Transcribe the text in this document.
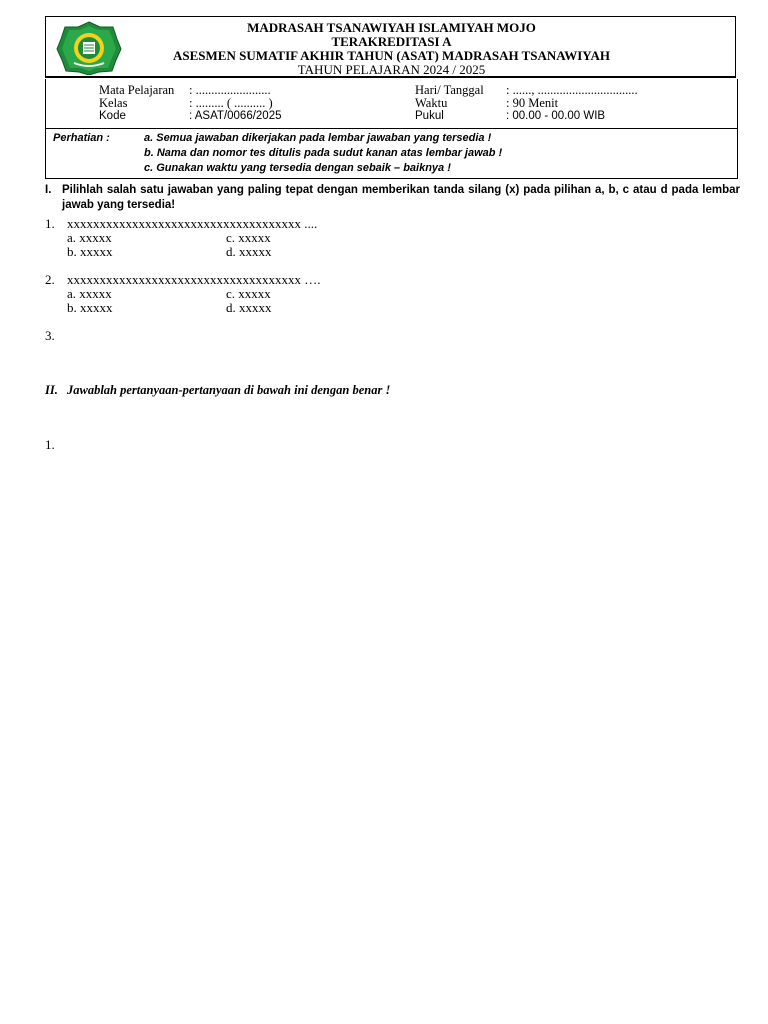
MADRASAH TSANAWIYAH ISLAMIYAH MOJO
TERAKREDITASI A
ASESMEN SUMATIF AKHIR TAHUN (ASAT) MADRASAH TSANAWIYAH
TAHUN PELAJARAN 2024 / 2025
Mata Pelajaran : ........................
Kelas	: ......... ( .......... )
Kode	: ASAT/0066/2025
Hari/ Tanggal : ......, ................................
Waktu	: 90 Menit
Pukul	: 00.00 - 00.00 WIB
Perhatian :	a. Semua jawaban dikerjakan pada lembar jawaban yang tersedia !
b. Nama dan nomor tes ditulis pada sudut kanan atas lembar jawab !
c. Gunakan waktu yang tersedia dengan sebaik – baiknya !
I. Pilihlah salah satu jawaban yang paling tepat dengan memberikan tanda silang (x) pada pilihan a, b, c atau d pada lembar jawab yang tersedia!
1. xxxxxxxxxxxxxxxxxxxxxxxxxxxxxxxxxxxx ....
a. xxxxx
b. xxxxx
c. xxxxx
d. xxxxx
2. xxxxxxxxxxxxxxxxxxxxxxxxxxxxxxxxxxxx ….
a. xxxxx
b. xxxxx
c. xxxxx
d. xxxxx
3.
II. Jawablah pertanyaan-pertanyaan di bawah ini dengan benar !
1.
